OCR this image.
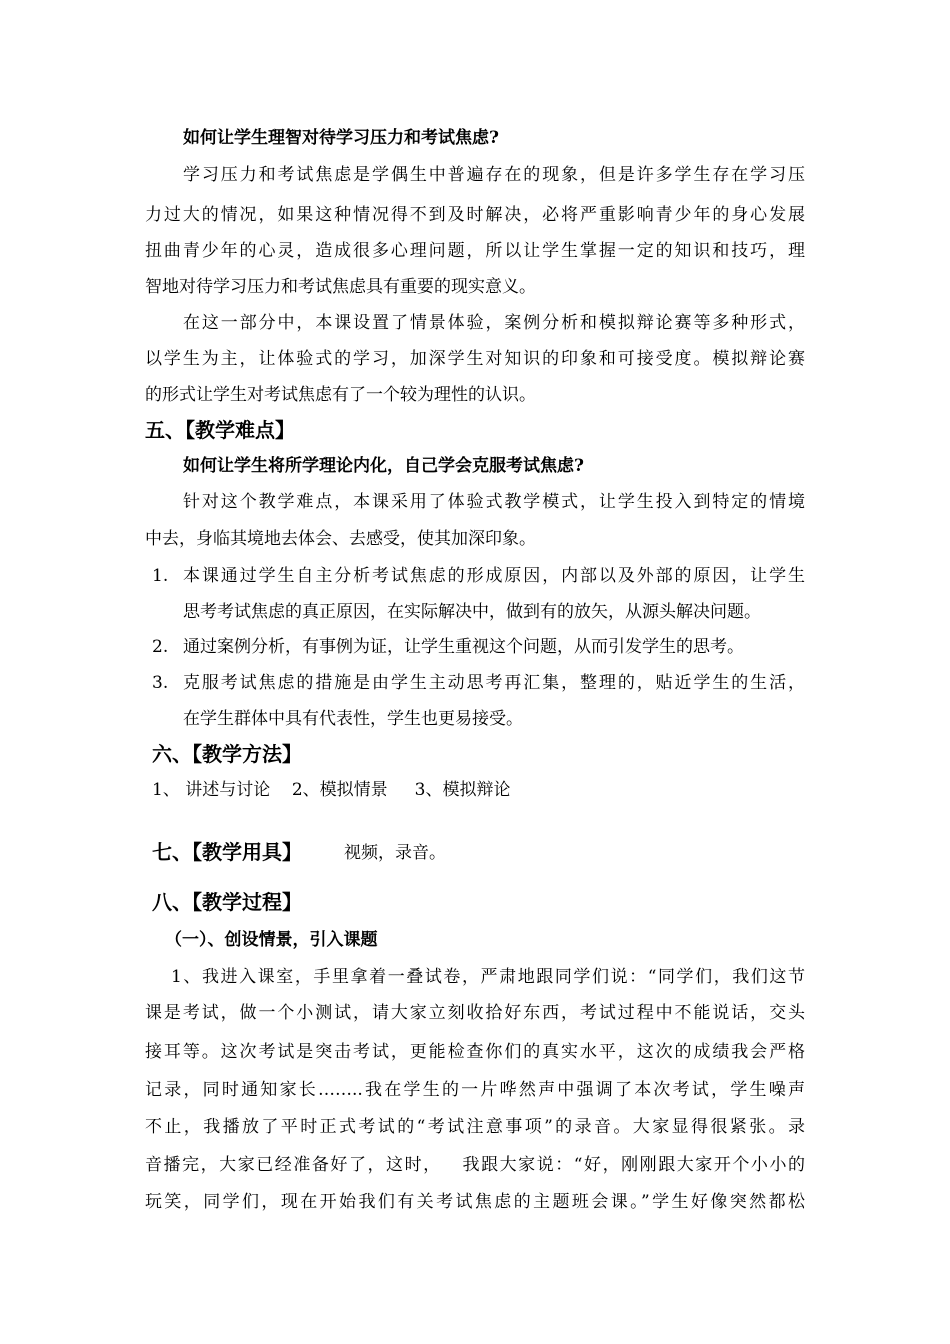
如何让学生理智对待学习压力和考试焦虑?
学习压力和考试焦虑是学偶生中普遍存在的现象，但是许多学生存在学习压
力过大的情况，如果这种情况得不到及时解决，必将严重影响青少年的身心发展
扭曲青少年的心灵，造成很多心理问题，所以让学生掌握一定的知识和技巧，理
智地对待学习压力和考试焦虑具有重要的现实意义。
在这一部分中，本课设置了情景体验，案例分析和模拟辩论赛等多种形式，
以学生为主，让体验式的学习，加深学生对知识的印象和可接受度。模拟辩论赛
的形式让学生对考试焦虑有了一个较为理性的认识。
五、【教学难点】
如何让学生将所学理论内化，自己学会克服考试焦虑?
针对这个教学难点，本课采用了体验式教学模式，让学生投入到特定的情境
中去，身临其境地去体会、去感受，使其加深印象。
1. 本课通过学生自主分析考试焦虑的形成原因，内部以及外部的原因，让学生
思考考试焦虑的真正原因，在实际解决中，做到有的放矢，从源头解决问题。
2. 通过案例分析，有事例为证，让学生重视这个问题，从而引发学生的思考。
3. 克服考试焦虑的措施是由学生主动思考再汇集，整理的，贴近学生的生活，
在学生群体中具有代表性，学生也更易接受。
六、【教学方法】
1、 讲述与讨论    2、模拟情景     3、模拟辩论
七、【教学用具】 视频，录音。
八、【教学过程】
（一）、创设情景，引入课题
1、我进入课室，手里拿着一叠试卷，严肃地跟同学们说：“同学们，我们这节
课是考试，做一个小测试，请大家立刻收拾好东西，考试过程中不能说话，交头
接耳等。这次考试是突击考试，更能检查你们的真实水平，这次的成绩我会严格
记录，同时通知家长……..我在学生的一片哗然声中强调了本次考试，学生噪声
不止，我播放了平时正式考试的“考试注意事项”的录音。大家显得很紧张。录
音播完，大家已经准备好了，这时，   我跟大家说：“好，刚刚跟大家开个小小的
玩笑，同学们，现在开始我们有关考试焦虑的主题班会课。”学生好像突然都松
